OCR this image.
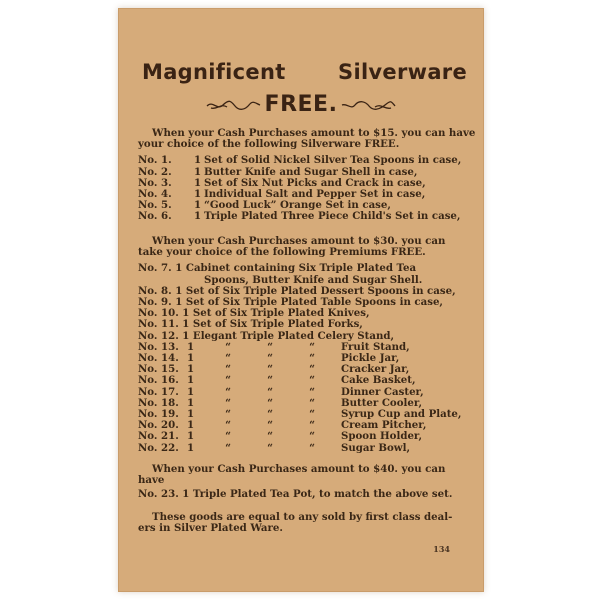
Magnificent Silverware
FREE.
When your Cash Purchases amount to $15. you can have
your choice of the following Silverware FREE.
No. 1.	1 Set of Solid Nickel Silver Tea Spoons in case,
No. 2.	1 Butter Knife and Sugar Shell in case,
No. 3.	1 Set of Six Nut Picks and Crack in case,
No. 4.	1 Individual Salt and Pepper Set in case,
No. 5.	1 “Good Luck” Orange Set in case,
No. 6.	1 Triple Plated Three Piece Child's Set in case,
When your Cash Purchases amount to $30. you can
take your choice of the following Premiums FREE.
No. 7. 1 Cabinet containing Six Triple Plated Tea
Spoons, Butter Knife and Sugar Shell.
No. 8. 1 Set of Six Triple Plated Dessert Spoons in case,
No. 9. 1 Set of Six Triple Plated Table Spoons in case,
No. 10. 1 Set of Six Triple Plated Knives,
No. 11. 1 Set of Six Triple Plated Forks,
No. 12. 1 Elegant Triple Plated Celery Stand,
No. 13. 1	“	“	“	Fruit Stand,
No. 14. 1	“	“	“	Pickle Jar,
No. 15. 1	“	“	“	Cracker Jar,
No. 16. 1	“	“	“	Cake Basket,
No. 17. 1	“	“	“	Dinner Caster,
No. 18. 1	“	“	“	Butter Cooler,
No. 19. 1	“	“	“	Syrup Cup and Plate,
No. 20. 1	“	“	“	Cream Pitcher,
No. 21. 1	“	“	“	Spoon Holder,
No. 22. 1	“	“	“	Sugar Bowl,
When your Cash Purchases amount to $40. you can
have
No. 23. 1 Triple Plated Tea Pot, to match the above set.
These goods are equal to any sold by first class deal-
ers in Silver Plated Ware.
134
